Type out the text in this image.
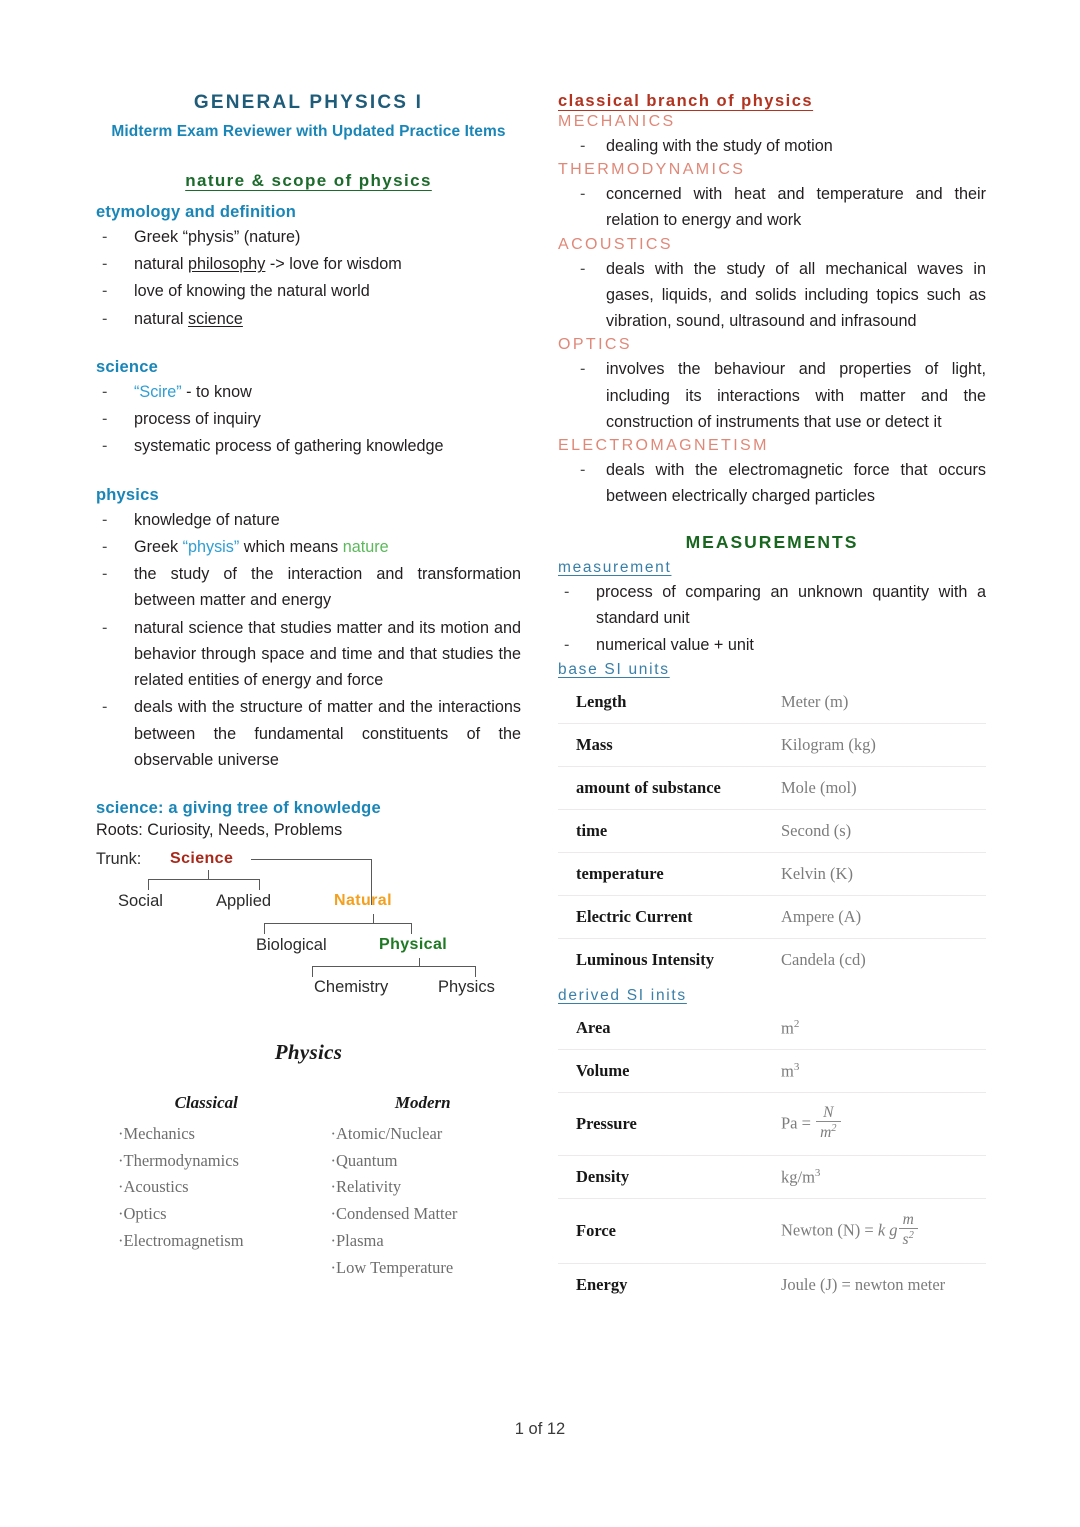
GENERAL PHYSICS I
Midterm Exam Reviewer with Updated Practice Items
nature & scope of physics
etymology and definition
- Greek “physis” (nature)
- natural philosophy -> love for wisdom
- love of knowing the natural world
- natural science
science
- “Scire” - to know
- process of inquiry
- systematic process of gathering knowledge
physics
- knowledge of nature
- Greek “physis” which means nature
- the study of the interaction and transformation between matter and energy
- natural science that studies matter and its motion and behavior through space and time and that studies the related entities of energy and force
- deals with the structure of matter and the interactions between the fundamental constituents of the observable universe
science: a giving tree of knowledge
Roots: Curiosity, Needs, Problems
Trunk: Science
Social	Applied	Natural
Biological	Physical
Chemistry	Physics
Physics
Classical
·Mechanics
·Thermodynamics
·Acoustics
·Optics
·Electromagnetism
Modern
·Atomic/Nuclear
·Quantum
·Relativity
·Condensed Matter
·Plasma
·Low Temperature
classical branch of physics
MECHANICS
- dealing with the study of motion
THERMODYNAMICS
- concerned with heat and temperature and their relation to energy and work
ACOUSTICS
- deals with the study of all mechanical waves in gases, liquids, and solids including topics such as vibration, sound, ultrasound and infrasound
OPTICS
- involves the behaviour and properties of light, including its interactions with matter and the construction of instruments that use or detect it
ELECTROMAGNETISM
- deals with the electromagnetic force that occurs between electrically charged particles
MEASUREMENTS
measurement
- process of comparing an unknown quantity with a standard unit
- numerical value + unit
base SI units
Length	Meter (m)
Mass	Kilogram (kg)
amount of substance	Mole (mol)
time	Second (s)
temperature	Kelvin (K)
Electric Current	Ampere (A)
Luminous Intensity	Candela (cd)
derived SI inits
Area	$m^2$
Volume	$m^3$
Pressure	$Pa = \frac{N}{m^2}$
Density	$kg/m^3$
Force	Newton (N) = k g $\frac{m}{s^2}$
Energy	Joule (J) = newton meter
1 of 12
